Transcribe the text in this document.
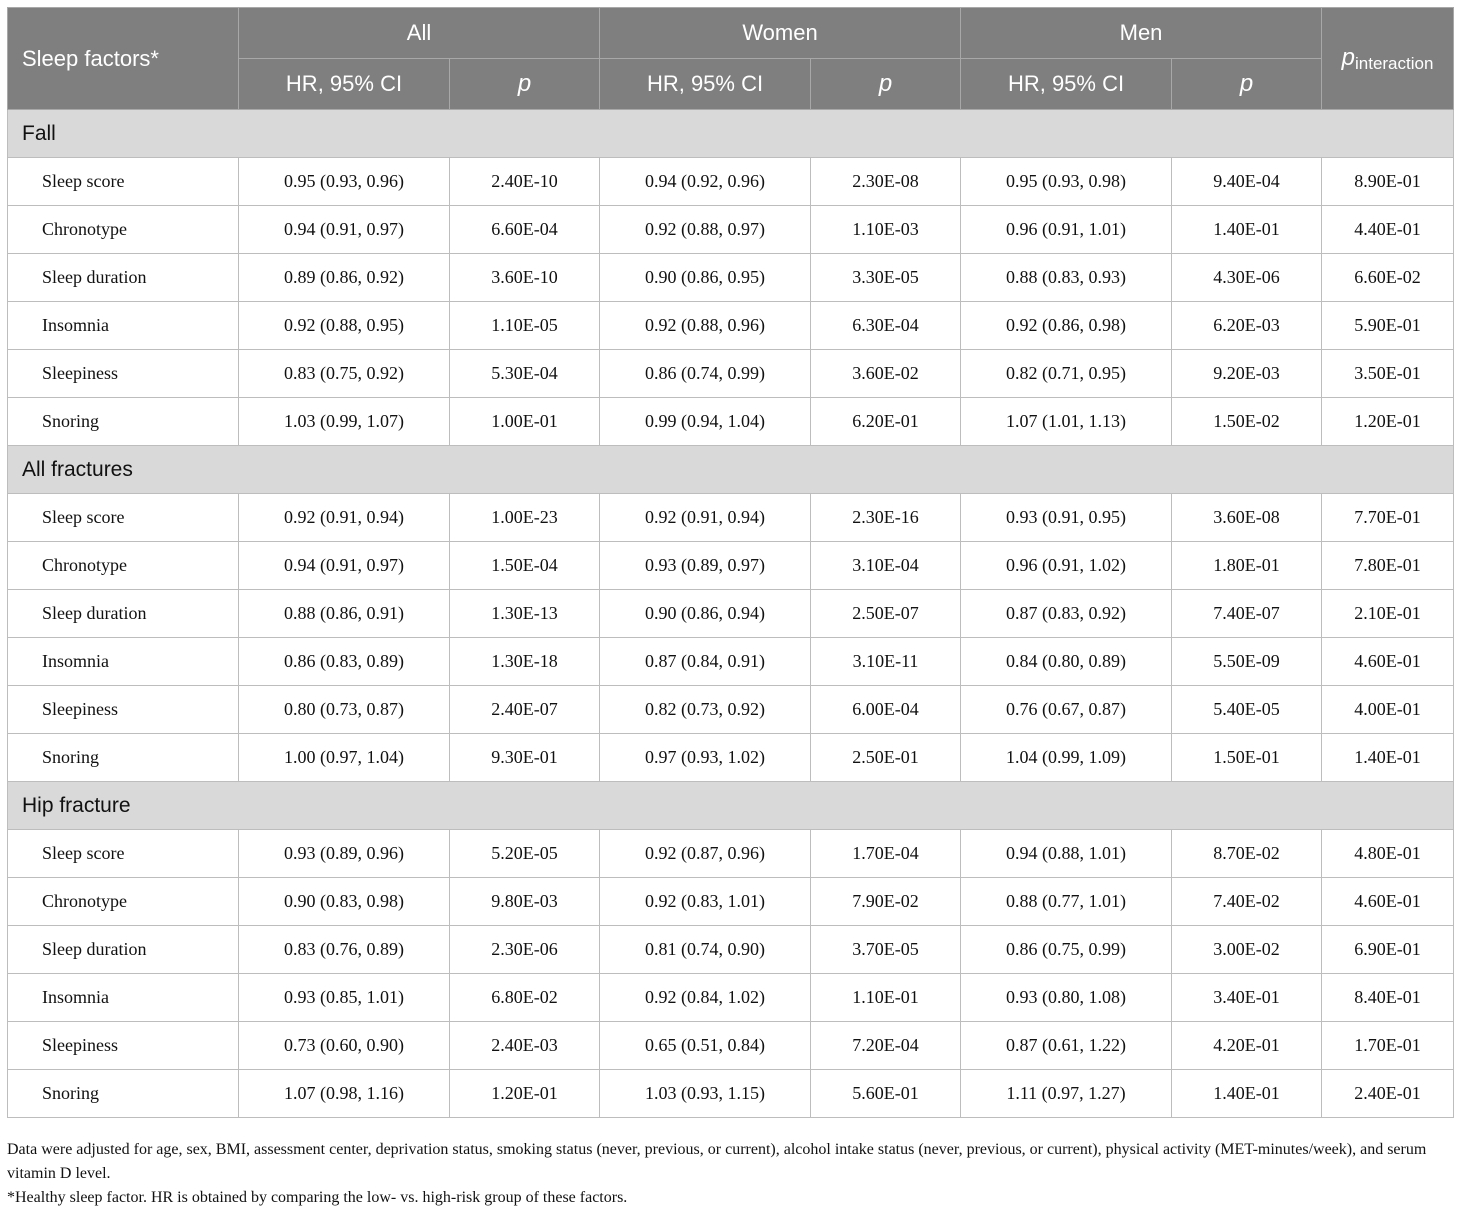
Sleep factors*	All		Women		Men		$p_{interaction}$
	HR, 95% CI	p	HR, 95% CI	p	HR, 95% CI	p	
Fall							
Sleep score	0.95 (0.93, 0.96)	2.40E-10	0.94 (0.92, 0.96)	2.30E-08	0.95 (0.93, 0.98)	9.40E-04	8.90E-01
Chronotype	0.94 (0.91, 0.97)	6.60E-04	0.92 (0.88, 0.97)	1.10E-03	0.96 (0.91, 1.01)	1.40E-01	4.40E-01
Sleep duration	0.89 (0.86, 0.92)	3.60E-10	0.90 (0.86, 0.95)	3.30E-05	0.88 (0.83, 0.93)	4.30E-06	6.60E-02
Insomnia	0.92 (0.88, 0.95)	1.10E-05	0.92 (0.88, 0.96)	6.30E-04	0.92 (0.86, 0.98)	6.20E-03	5.90E-01
Sleepiness	0.83 (0.75, 0.92)	5.30E-04	0.86 (0.74, 0.99)	3.60E-02	0.82 (0.71, 0.95)	9.20E-03	3.50E-01
Snoring	1.03 (0.99, 1.07)	1.00E-01	0.99 (0.94, 1.04)	6.20E-01	1.07 (1.01, 1.13)	1.50E-02	1.20E-01
All fractures							
Sleep score	0.92 (0.91, 0.94)	1.00E-23	0.92 (0.91, 0.94)	2.30E-16	0.93 (0.91, 0.95)	3.60E-08	7.70E-01
Chronotype	0.94 (0.91, 0.97)	1.50E-04	0.93 (0.89, 0.97)	3.10E-04	0.96 (0.91, 1.02)	1.80E-01	7.80E-01
Sleep duration	0.88 (0.86, 0.91)	1.30E-13	0.90 (0.86, 0.94)	2.50E-07	0.87 (0.83, 0.92)	7.40E-07	2.10E-01
Insomnia	0.86 (0.83, 0.89)	1.30E-18	0.87 (0.84, 0.91)	3.10E-11	0.84 (0.80, 0.89)	5.50E-09	4.60E-01
Sleepiness	0.80 (0.73, 0.87)	2.40E-07	0.82 (0.73, 0.92)	6.00E-04	0.76 (0.67, 0.87)	5.40E-05	4.00E-01
Snoring	1.00 (0.97, 1.04)	9.30E-01	0.97 (0.93, 1.02)	2.50E-01	1.04 (0.99, 1.09)	1.50E-01	1.40E-01
Hip fracture							
Sleep score	0.93 (0.89, 0.96)	5.20E-05	0.92 (0.87, 0.96)	1.70E-04	0.94 (0.88, 1.01)	8.70E-02	4.80E-01
Chronotype	0.90 (0.83, 0.98)	9.80E-03	0.92 (0.83, 1.01)	7.90E-02	0.88 (0.77, 1.01)	7.40E-02	4.60E-01
Sleep duration	0.83 (0.76, 0.89)	2.30E-06	0.81 (0.74, 0.90)	3.70E-05	0.86 (0.75, 0.99)	3.00E-02	6.90E-01
Insomnia	0.93 (0.85, 1.01)	6.80E-02	0.92 (0.84, 1.02)	1.10E-01	0.93 (0.80, 1.08)	3.40E-01	8.40E-01
Sleepiness	0.73 (0.60, 0.90)	2.40E-03	0.65 (0.51, 0.84)	7.20E-04	0.87 (0.61, 1.22)	4.20E-01	1.70E-01
Snoring	1.07 (0.98, 1.16)	1.20E-01	1.03 (0.93, 1.15)	5.60E-01	1.11 (0.97, 1.27)	1.40E-01	2.40E-01

Data were adjusted for age, sex, BMI, assessment center, deprivation status, smoking status (never, previous, or current), alcohol intake status (never, previous, or current), physical activity (MET-minutes/week), and serum vitamin D level.

*Healthy sleep factor. HR is obtained by comparing the low- vs. high-risk group of these factors.
